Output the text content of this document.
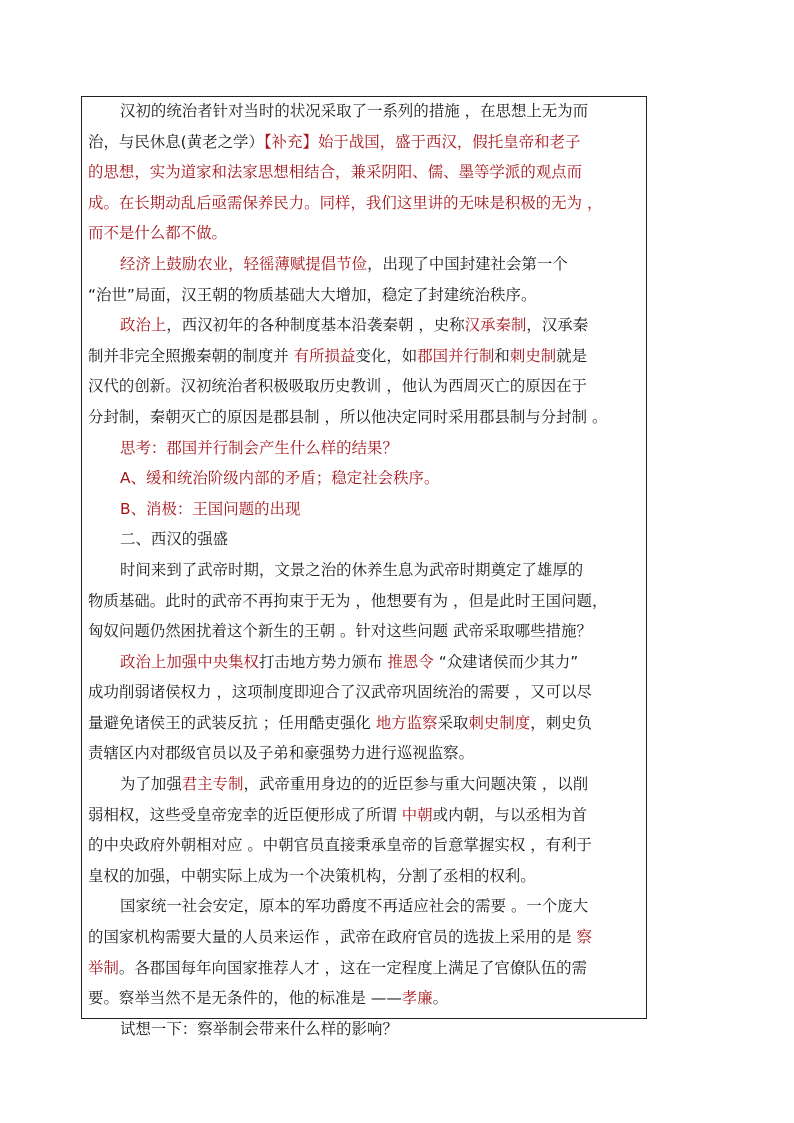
汉初的统治者针对当时的状况采取了一系列的措施 ，在思想上无为而
治，与民休息(黄老之学）【补充】始于战国，盛于西汉，假托皇帝和老子
的思想，实为道家和法家思想相结合，兼采阴阳、儒、墨等学派的观点而
成。在长期动乱后亟需保养民力。同样，我们这里讲的无味是积极的无为 ，
而不是什么都不做。
经济上鼓励农业，轻徭薄赋提倡节俭，出现了中国封建社会第一个
“治世”局面，汉王朝的物质基础大大增加，稳定了封建统治秩序。
政治上，西汉初年的各种制度基本沿袭秦朝 ，史称汉承秦制，汉承秦
制并非完全照搬秦朝的制度并 有所损益变化，如郡国并行制和刺史制就是
汉代的创新。汉初统治者积极吸取历史教训 ，他认为西周灭亡的原因在于
分封制，秦朝灭亡的原因是郡县制 ，所以他决定同时采用郡县制与分封制 。
思考：郡国并行制会产生什么样的结果？
A、缓和统治阶级内部的矛盾；稳定社会秩序。
B、消极：王国问题的出现
二、西汉的强盛
时间来到了武帝时期，文景之治的休养生息为武帝时期奠定了雄厚的
物质基础。此时的武帝不再拘束于无为 ，他想要有为 ，但是此时王国问题，
匈奴问题仍然困扰着这个新生的王朝 。针对这些问题 武帝采取哪些措施？
政治上加强中央集权打击地方势力颁布 推恩令 “众建诸侯而少其力”
成功削弱诸侯权力 ，这项制度即迎合了汉武帝巩固统治的需要 ，又可以尽
量避免诸侯王的武装反抗 ；任用酷吏强化 地方监察采取刺史制度，刺史负
责辖区内对郡级官员以及子弟和豪强势力进行巡视监察。
为了加强君主专制，武帝重用身边的的近臣参与重大问题决策 ，以削
弱相权，这些受皇帝宠幸的近臣便形成了所谓 中朝或内朝，与以丞相为首
的中央政府外朝相对应 。中朝官员直接秉承皇帝的旨意掌握实权 ，有利于
皇权的加强，中朝实际上成为一个决策机构，分割了丞相的权利。
国家统一社会安定，原本的军功爵度不再适应社会的需要 。一个庞大
的国家机构需要大量的人员来运作 ，武帝在政府官员的选拔上采用的是 察
举制。各郡国每年向国家推荐人才 ，这在一定程度上满足了官僚队伍的需
要。察举当然不是无条件的，他的标准是 ——孝廉。
试想一下：察举制会带来什么样的影响？
